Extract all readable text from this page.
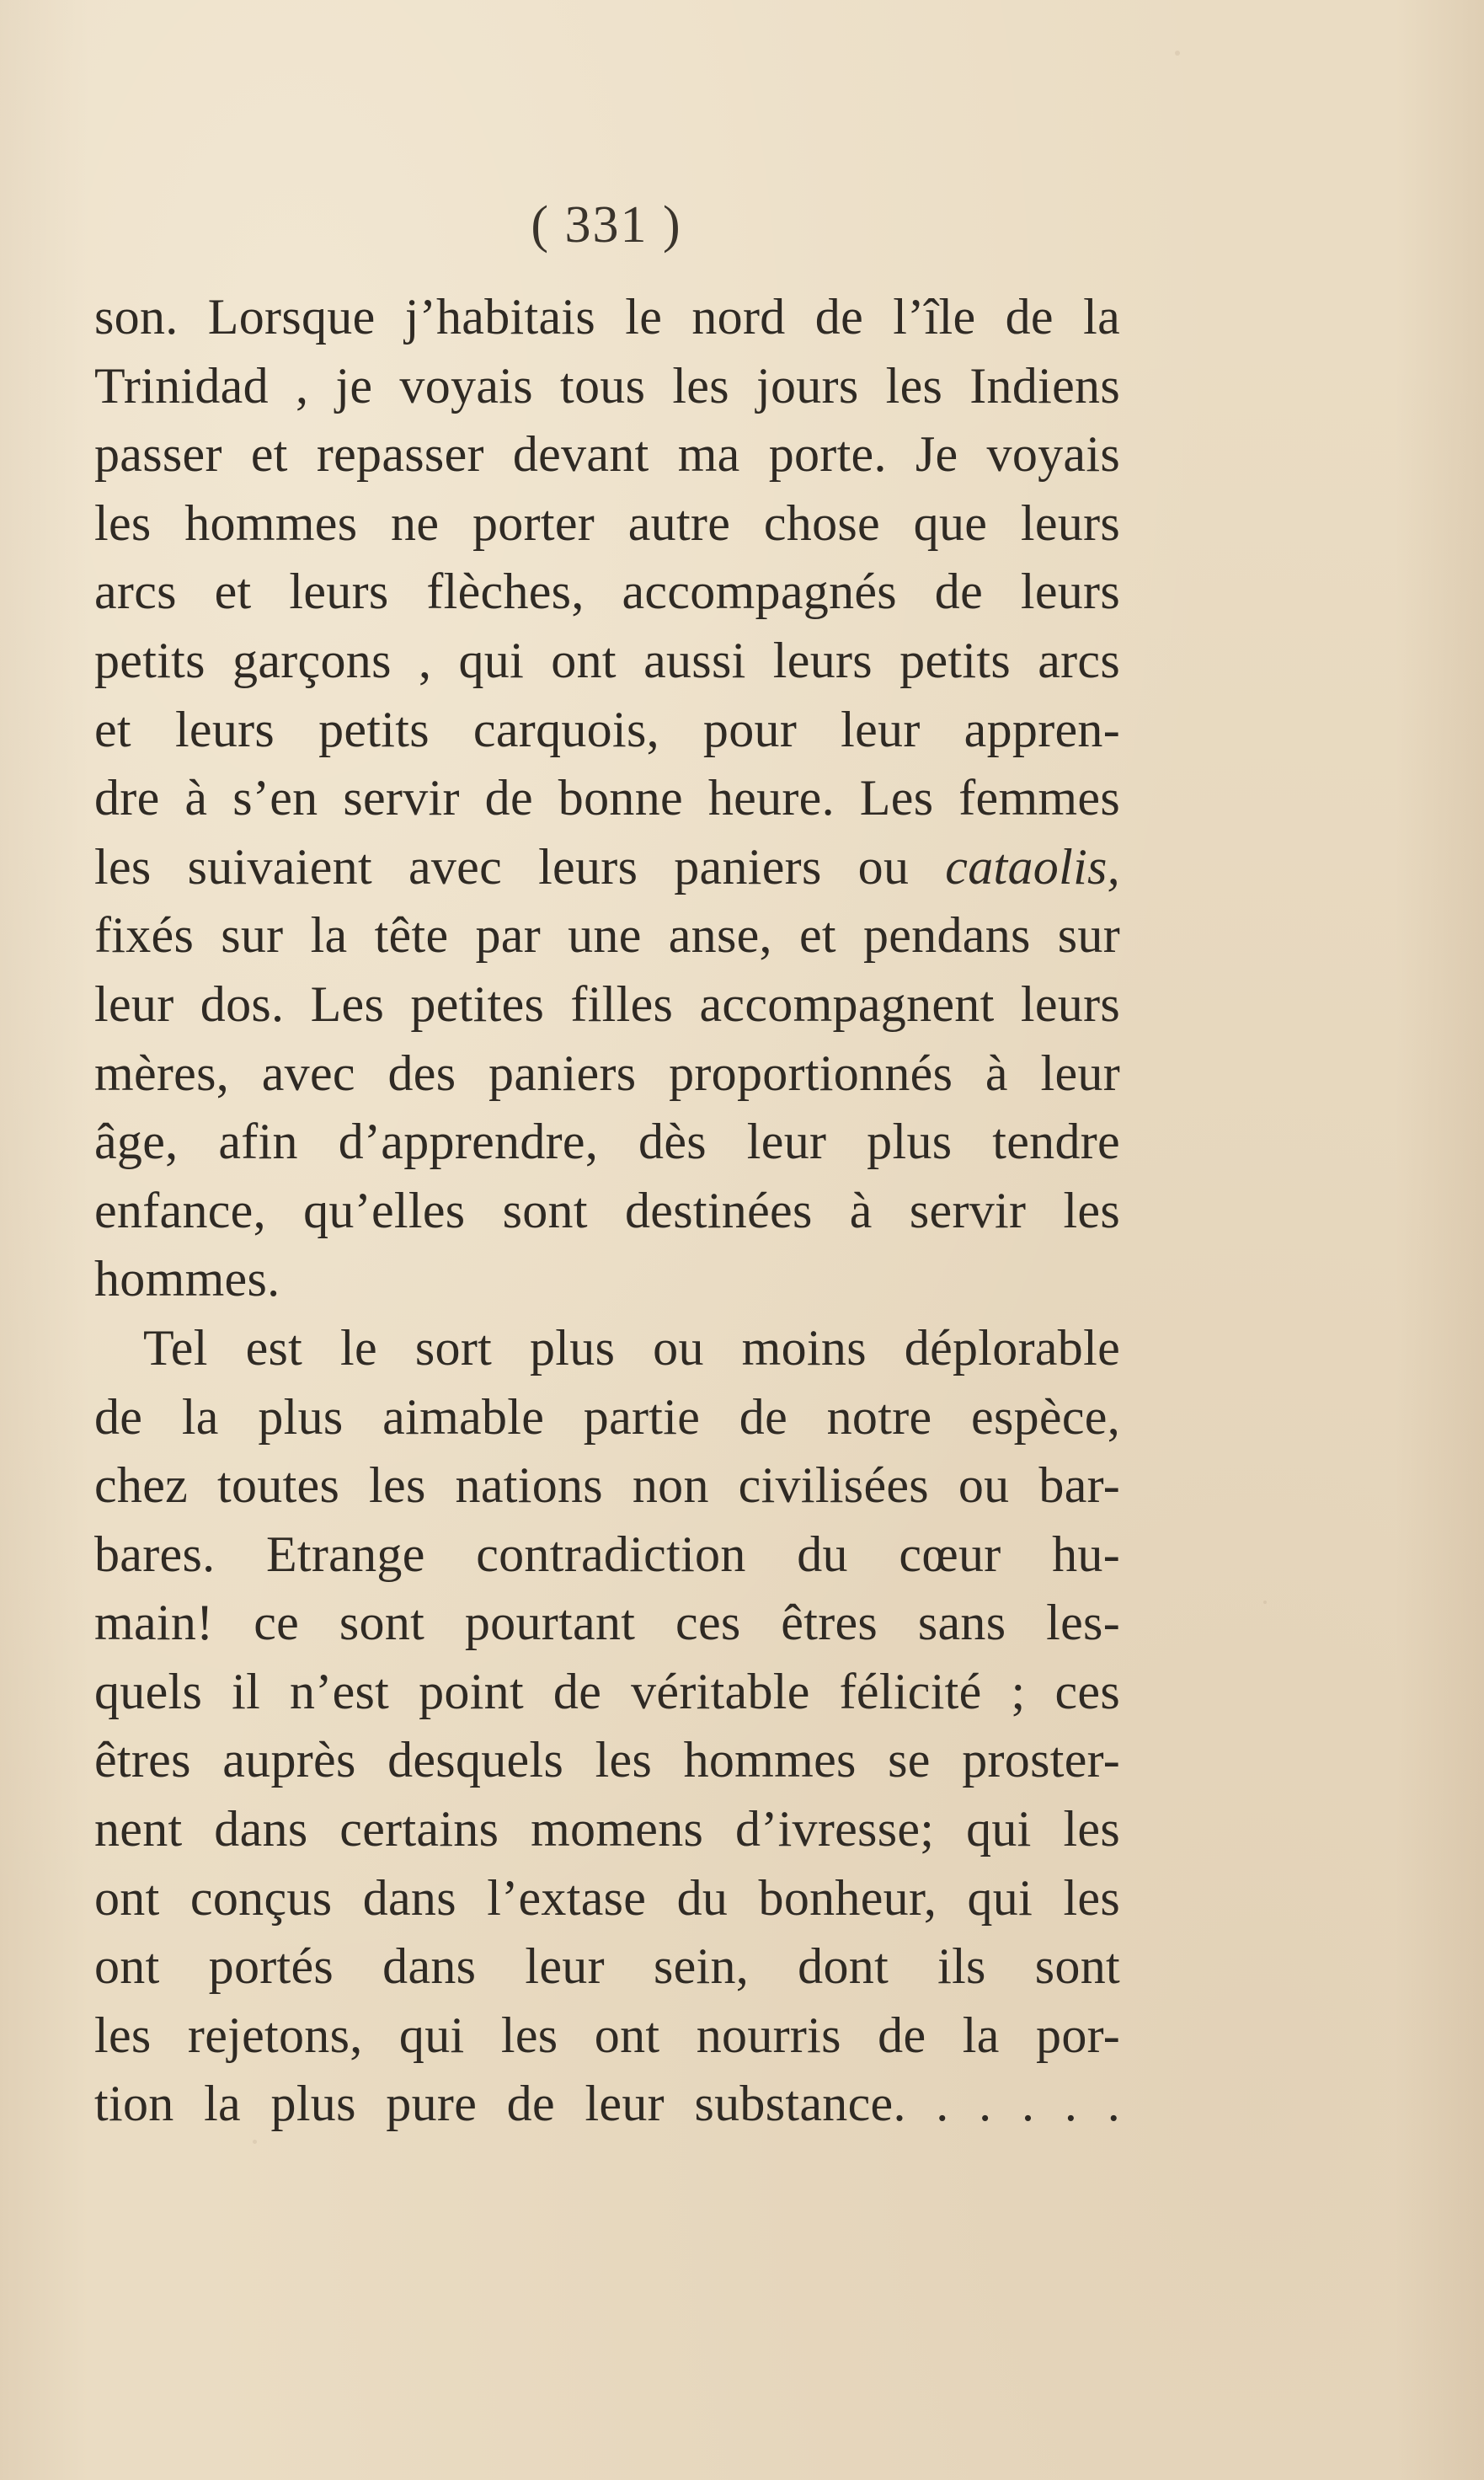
( 331 )
son. Lorsque j’habitais le nord de l’île de la
Trinidad , je voyais tous les jours les Indiens
passer et repasser devant ma porte. Je voyais
les hommes ne porter autre chose que leurs
arcs et leurs flèches, accompagnés de leurs
petits garçons , qui ont aussi leurs petits arcs
et leurs petits carquois, pour leur appren-
dre à s’en servir de bonne heure. Les femmes
les suivaient avec leurs paniers ou cataolis,
fixés sur la tête par une anse, et pendans sur
leur dos. Les petites filles accompagnent leurs
mères, avec des paniers proportionnés à leur
âge, afin d’apprendre, dès leur plus tendre
enfance, qu’elles sont destinées à servir les
hommes.
Tel est le sort plus ou moins déplorable
de la plus aimable partie de notre espèce,
chez toutes les nations non civilisées ou bar-
bares. Etrange contradiction du cœur hu-
main! ce sont pourtant ces êtres sans les-
quels il n’est point de véritable félicité ; ces
êtres auprès desquels les hommes se proster-
nent dans certains momens d’ivresse; qui les
ont conçus dans l’extase du bonheur, qui les
ont portés dans leur sein, dont ils sont
les rejetons, qui les ont nourris de la por-
tion la plus pure de leur substance. . . . . .
